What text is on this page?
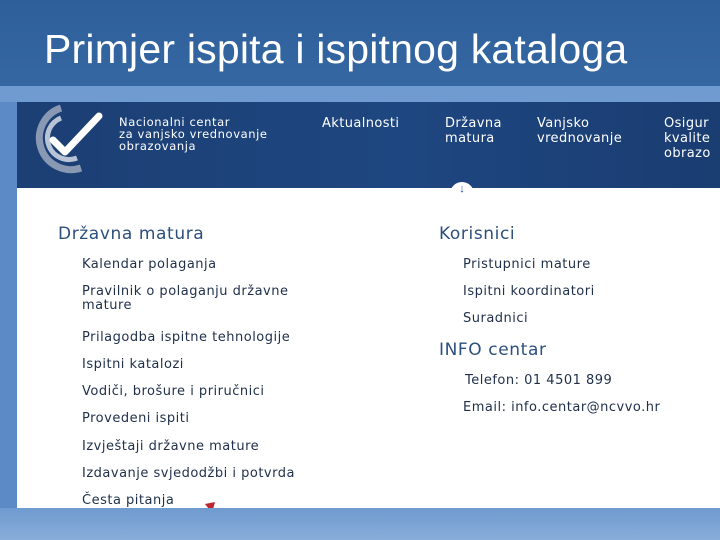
Primjer ispita i ispitnog kataloga
Nacionalni centar
za vanjsko vrednovanje
obrazovanja
Aktualnosti	Državna
matura
Vanjsko
vrednovanje
Osigur
kvalite
obrazo
↓
Državna matura
Kalendar polaganja
Pravilnik o polaganju državne
mature
Prilagodba ispitne tehnologije
Ispitni katalozi
Vodiči, brošure i priručnici
Provedeni ispiti
Izvještaji državne mature
Izdavanje svjedodžbi i potvrda
Česta pitanja
Korisnici
Pristupnici mature
Ispitni koordinatori
Suradnici
INFO centar
Telefon: 01 4501 899
Email: info.centar@ncvvo.hr
